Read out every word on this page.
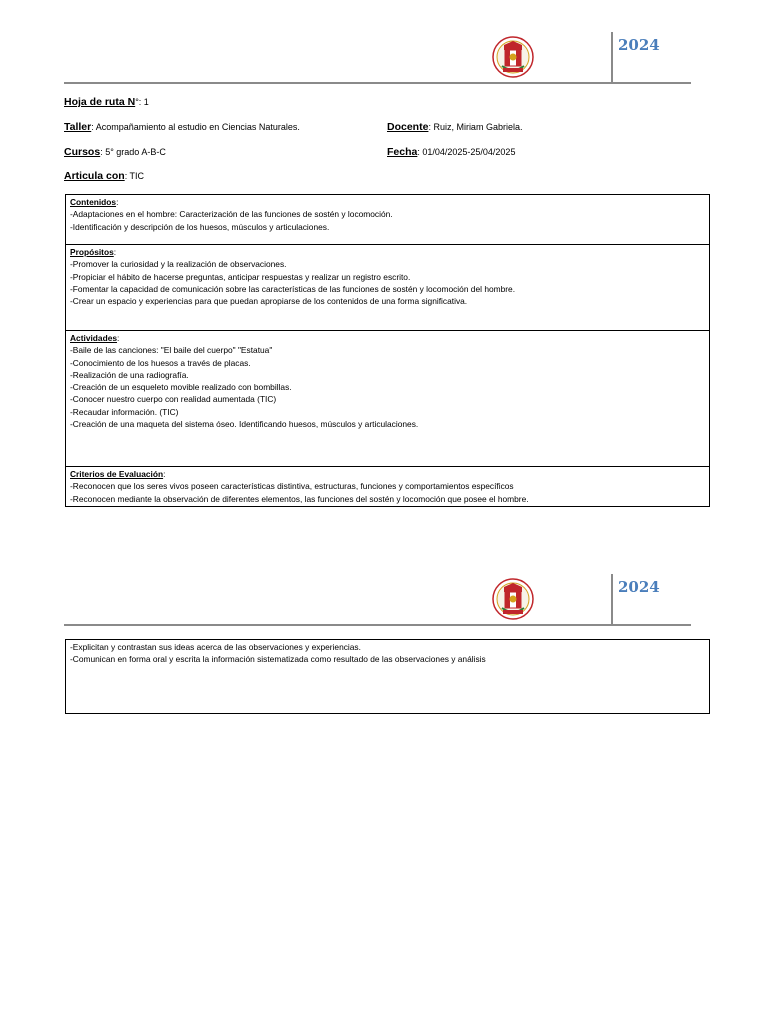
2024
Hoja de ruta N°: 1
Taller: Acompañamiento al estudio en Ciencias Naturales.	Docente: Ruiz, Miriam Gabriela.
Cursos: 5° grado A-B-C	Fecha: 01/04/2025-25/04/2025
Articula con: TIC
Contenidos:
-Adaptaciones en el hombre: Caracterización de las funciones de sostén y locomoción.
-Identificación y descripción de los huesos, músculos y articulaciones.
Propósitos:
-Promover la curiosidad y la realización de observaciones.
-Propiciar el hábito de hacerse preguntas, anticipar respuestas y realizar un registro escrito.
-Fomentar la capacidad de comunicación sobre las características de las funciones de sostén y locomoción del hombre.
-Crear un espacio y experiencias para que puedan apropiarse de los contenidos de una forma significativa.
Actividades:
-Baile de las canciones: "El baile del cuerpo" "Estatua"
-Conocimiento de los huesos a través de placas.
-Realización de una radiografía.
-Creación de un esqueleto movible realizado con bombillas.
-Conocer nuestro cuerpo con realidad aumentada (TIC)
-Recaudar información. (TIC)
-Creación de una maqueta del sistema óseo. Identificando huesos, músculos y articulaciones.
Criterios de Evaluación:
-Reconocen que los seres vivos poseen características distintiva, estructuras, funciones y comportamientos específicos
-Reconocen mediante la observación de diferentes elementos, las funciones del sostén y locomoción que posee el hombre.
2024
-Explicitan y contrastan sus ideas acerca de las observaciones y experiencias.
-Comunican en forma oral y escrita la información sistematizada como resultado de las observaciones y análisis
